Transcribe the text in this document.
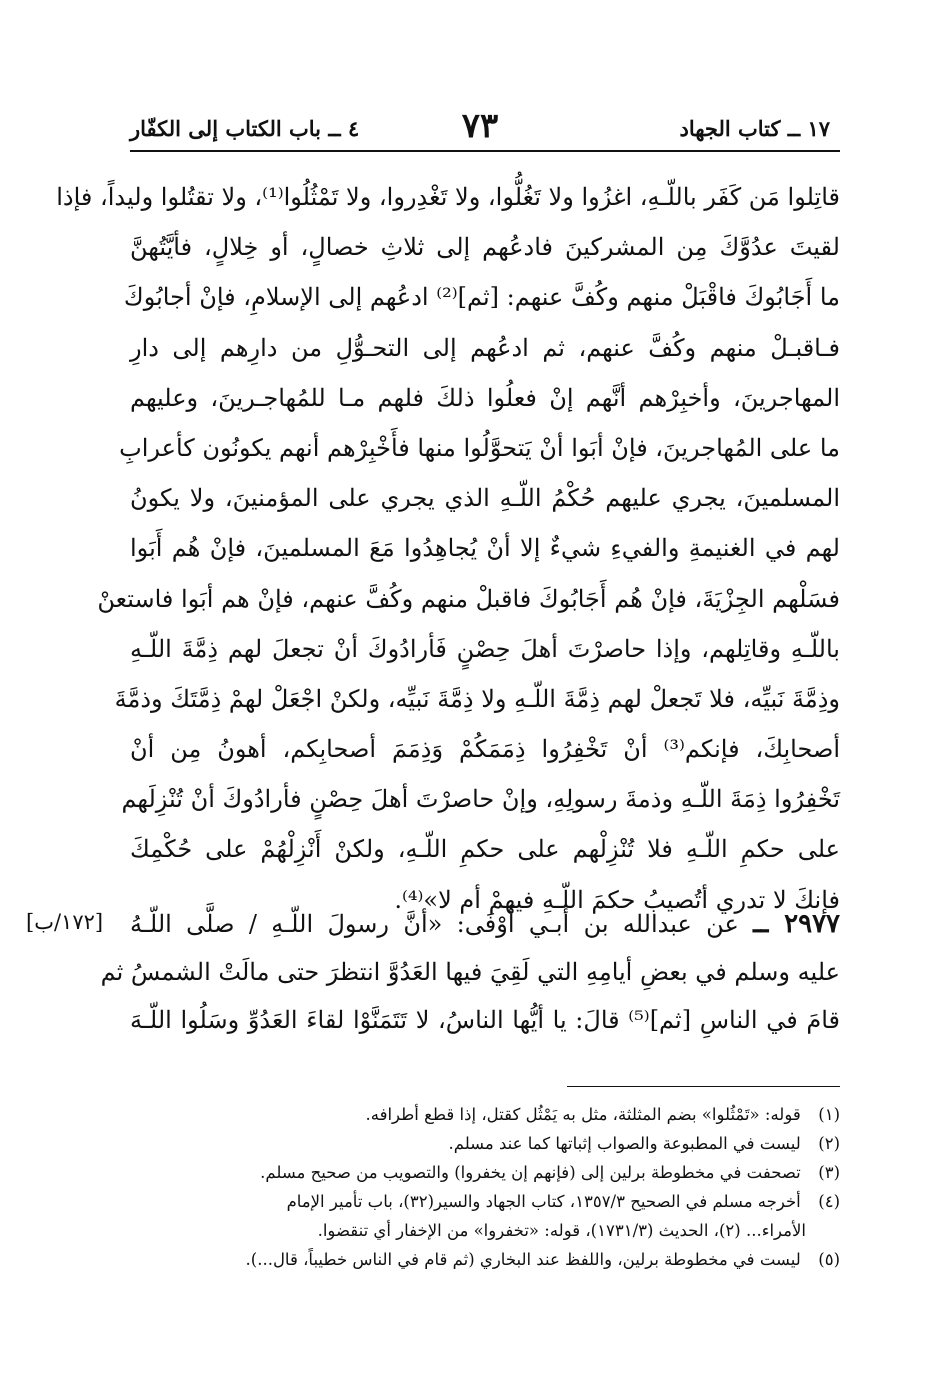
١٧ ــ كتاب الجهاد
٧٣
٤ ــ باب الكتاب إلى الكفّار
قاتِلوا مَن كَفَر باللّـهِ، اغزُوا ولا تَغُلُّوا، ولا تَغْدِروا، ولا تَمْثُلُوا⁽¹⁾، ولا تقتُلوا وليداً، فإذا
لقيتَ عدُوَّكَ مِن المشركينَ فادعُهم إلى ثلاثِ خصالٍ، أو خِلالٍ، فأيَّتُهنَّ
ما أَجَابُوكَ فاقْبَلْ منهم وكُفَّ عنهم: [ثم]⁽²⁾ ادعُهم إلى الإسلامِ، فإنْ أجابُوكَ
فـاقبـلْ منهم وكُفَّ عنهم، ثم ادعُهم إلى التحـوُّلِ من دارِهم إلى دارِ
المهاجرينَ، وأخبِرْهم أنَّهم إنْ فعلُوا ذلكَ فلهم مـا للمُهاجـرينَ، وعليهم
ما على المُهاجرينَ، فإنْ أبَوا أنْ يَتحوَّلُوا منها فأَخْبِرْهم أنهم يكونُون كأعرابِ
المسلمينَ، يجري عليهم حُكْمُ اللّـهِ الذي يجري على المؤمنينَ، ولا يكونُ
لهم في الغنيمةِ والفيءِ شيءٌ إلا أنْ يُجاهِدُوا مَعَ المسلمينَ، فإنْ هُم أَبَوا
فسَلْهم الجِزْيَةَ، فإنْ هُم أَجَابُوكَ فاقبلْ منهم وكُفَّ عنهم، فإنْ هم أبَوا فاستعنْ
باللّـهِ وقاتِلهم، وإذا حاصرْتَ أهلَ حِصْنٍ فَأرادُوكَ أنْ تجعلَ لهم ذِمَّةَ اللّـهِ
وذِمَّةَ نَبيِّه، فلا تَجعلْ لهم ذِمَّةَ اللّـهِ ولا ذِمَّةَ نَبيِّه، ولكنْ اجْعَلْ لهمْ ذِمَّتَكَ وذمَّةَ
أصحابِكَ، فإنكم⁽³⁾ أنْ تَخْفِرُوا ذِمَمَكُمْ وَذِمَمَ أصحابِكم، أهونُ مِن أنْ
تَخْفِرُوا ذِمَةَ اللّـهِ وذمةَ رسولِهِ، وإنْ حاصرْتَ أهلَ حِصْنٍ فأرادُوكَ أنْ تُنْزِلَهم
على حكمِ اللّـهِ فلا تُنْزِلْهم على حكمِ اللّـهِ، ولكنْ أَنْزِلْهُمْ على حُكْمِكَ
فإنكَ لا تدري أتُصيبُ حكمَ اللّـهِ فيهمْ أم لا»⁽⁴⁾.
[١٧٢/ب]	٢٩٧٧ ــ عن عبدالله بن أبـي أَوْفَى: «أنَّ رسولَ اللّـهِ / صلَّى اللّـهُ
عليه وسلم في بعضِ أيامِهِ التي لَقِيَ فيها العَدُوَّ انتظرَ حتى مالَتْ الشمسُ ثم
قامَ في الناسِ [ثم]⁽⁵⁾ قالَ: يا أيُّها الناسُ، لا تَتَمَنَّوْا لقاءَ العَدُوِّ وسَلُوا اللّـهَ
(١) قوله: «تَمْثُلوا» بضم المثلثة، مثل به يَمْثُل كقتل، إذا قطع أطرافه.
(٢) ليست في المطبوعة والصواب إثباتها كما عند مسلم.
(٣) تصحفت في مخطوطة برلين إلى (فإنهم إن يخفروا) والتصويب من صحيح مسلم.
(٤) أخرجه مسلم في الصحيح ١٣٥٧/٣، كتاب الجهاد والسير(٣٢)، باب تأمير الإمام
الأمراء... (٢)، الحديث (١٧٣١/٣)، قوله: «تخفروا» من الإخفار أي تنقضوا.
(٥) ليست في مخطوطة برلين، واللفظ عند البخاري (ثم قام في الناس خطيباً، قال...).
